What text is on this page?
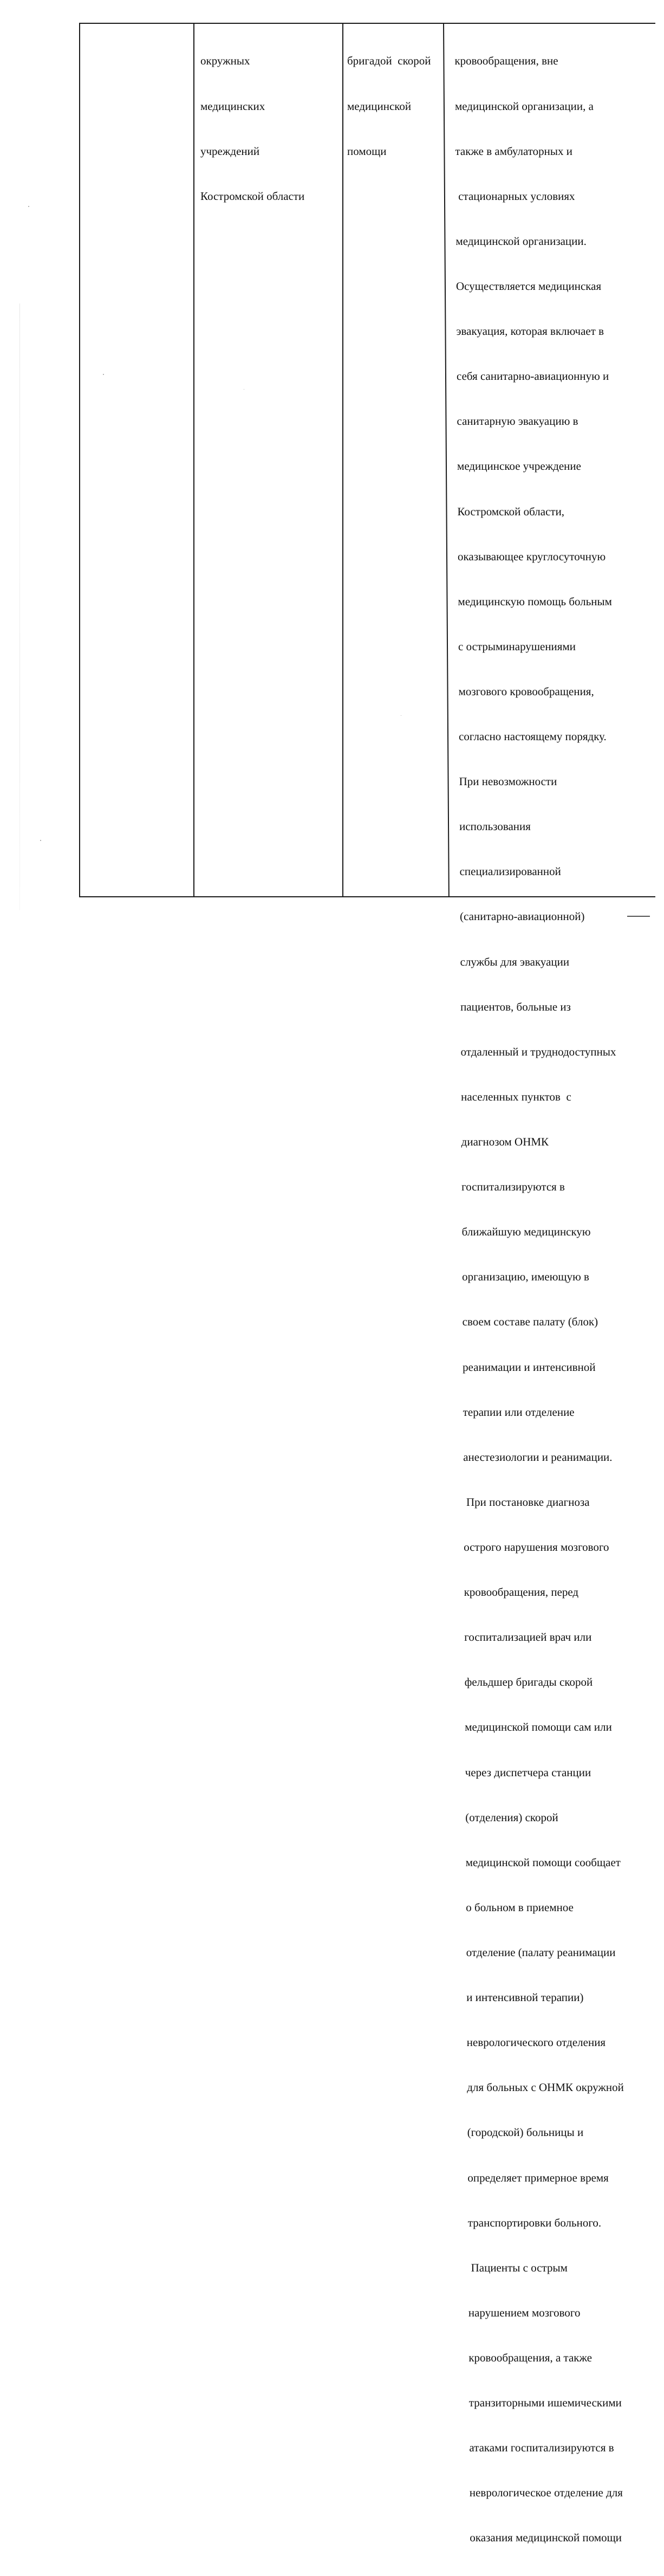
окружных

медицинских

учреждений

Костромской области

бригадой  скорой

медицинской

помощи

кровообращения, вне

медицинской организации, а

также в амбулаторных и

стационарных условиях

медицинской организации.

Осуществляется медицинская

эвакуация, которая включает в

себя санитарно-авиационную и

санитарную эвакуацию в

медицинское учреждение

Костромской области,

оказывающее круглосуточную

медицинскую помощь больным

с острыминарушениями

мозгового кровообращения,

согласно настоящему порядку.

При невозможности

использования

специализированной

(санитарно-авиационной)

службы для эвакуации

пациентов, больные из

отдаленный и труднодоступных

населенных пунктов  с

диагнозом ОНМК

госпитализируются в

ближайшую медицинскую

организацию, имеющую в

своем составе палату (блок)

реанимации и интенсивной

терапии или отделение

анестезиологии и реанимации.

При постановке диагноза

острого нарушения мозгового

кровообращения, перед

госпитализацией врач или

фельдшер бригады скорой

медицинской помощи сам или

через диспетчера станции

(отделения) скорой

медицинской помощи сообщает

о больном в приемное

отделение (палату реанимации

и интенсивной терапии)

неврологического отделения

для больных с ОНМК окружной

(городской) больницы и

определяет примерное время

транспортировки больного.

Пациенты с острым

нарушением мозгового

кровообращения, а также

транзиторными ишемическими

атаками госпитализируются в

неврологическое отделение для

оказания медицинской помощи
